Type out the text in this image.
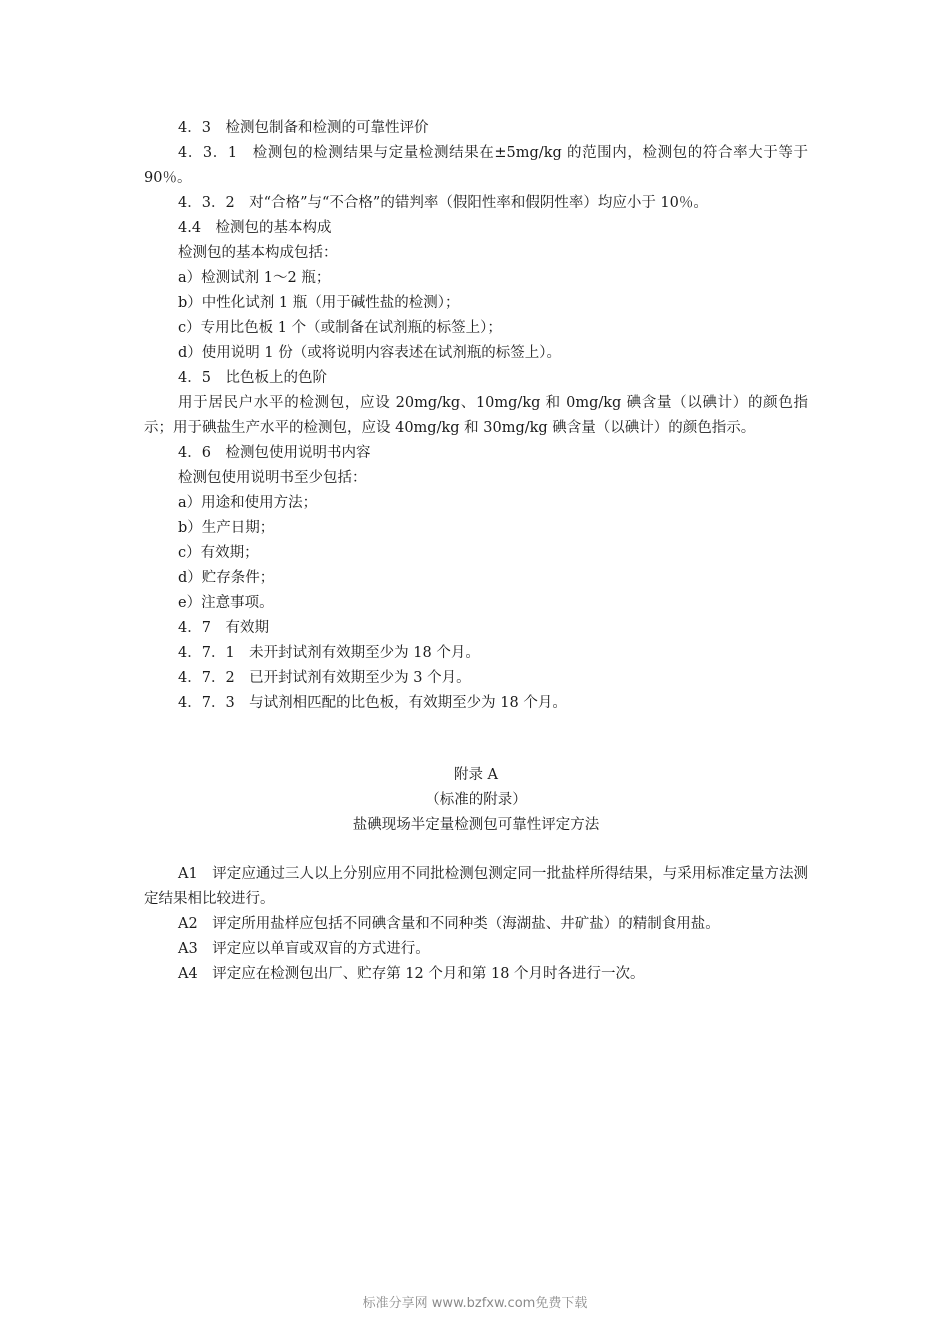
4．3　检测包制备和检测的可靠性评价

4．3．1　检测包的检测结果与定量检测结果在±5mg/kg 的范围内，检测包的符合率大于等于 90％。

4．3．2　对“合格”与“不合格”的错判率（假阳性率和假阴性率）均应小于 10％。

4.4　检测包的基本构成

检测包的基本构成包括：

a）检测试剂 1～2 瓶；

b）中性化试剂 1 瓶（用于碱性盐的检测）；

c）专用比色板 1 个（或制备在试剂瓶的标签上）；

d）使用说明 1 份（或将说明内容表述在试剂瓶的标签上）。

4．5　比色板上的色阶

用于居民户水平的检测包，应设 20mg/kg、10mg/kg 和 0mg/kg 碘含量（以碘计）的颜色指示；用于碘盐生产水平的检测包，应设 40mg/kg 和 30mg/kg 碘含量（以碘计）的颜色指示。

4．6　检测包使用说明书内容

检测包使用说明书至少包括：

a）用途和使用方法；

b）生产日期；

c）有效期；

d）贮存条件；

e）注意事项。

4．7　有效期

4．7．1　未开封试剂有效期至少为 18 个月。

4．7．2　已开封试剂有效期至少为 3 个月。

4．7．3　与试剂相匹配的比色板，有效期至少为 18 个月。

附录 A
（标准的附录）
盐碘现场半定量检测包可靠性评定方法

A1　评定应通过三人以上分别应用不同批检测包测定同一批盐样所得结果，与采用标准定量方法测定结果相比较进行。

A2　评定所用盐样应包括不同碘含量和不同种类（海湖盐、井矿盐）的精制食用盐。

A3　评定应以单盲或双盲的方式进行。

A4　评定应在检测包出厂、贮存第 12 个月和第 18 个月时各进行一次。

标准分享网 www.bzfxw.com免费下载
